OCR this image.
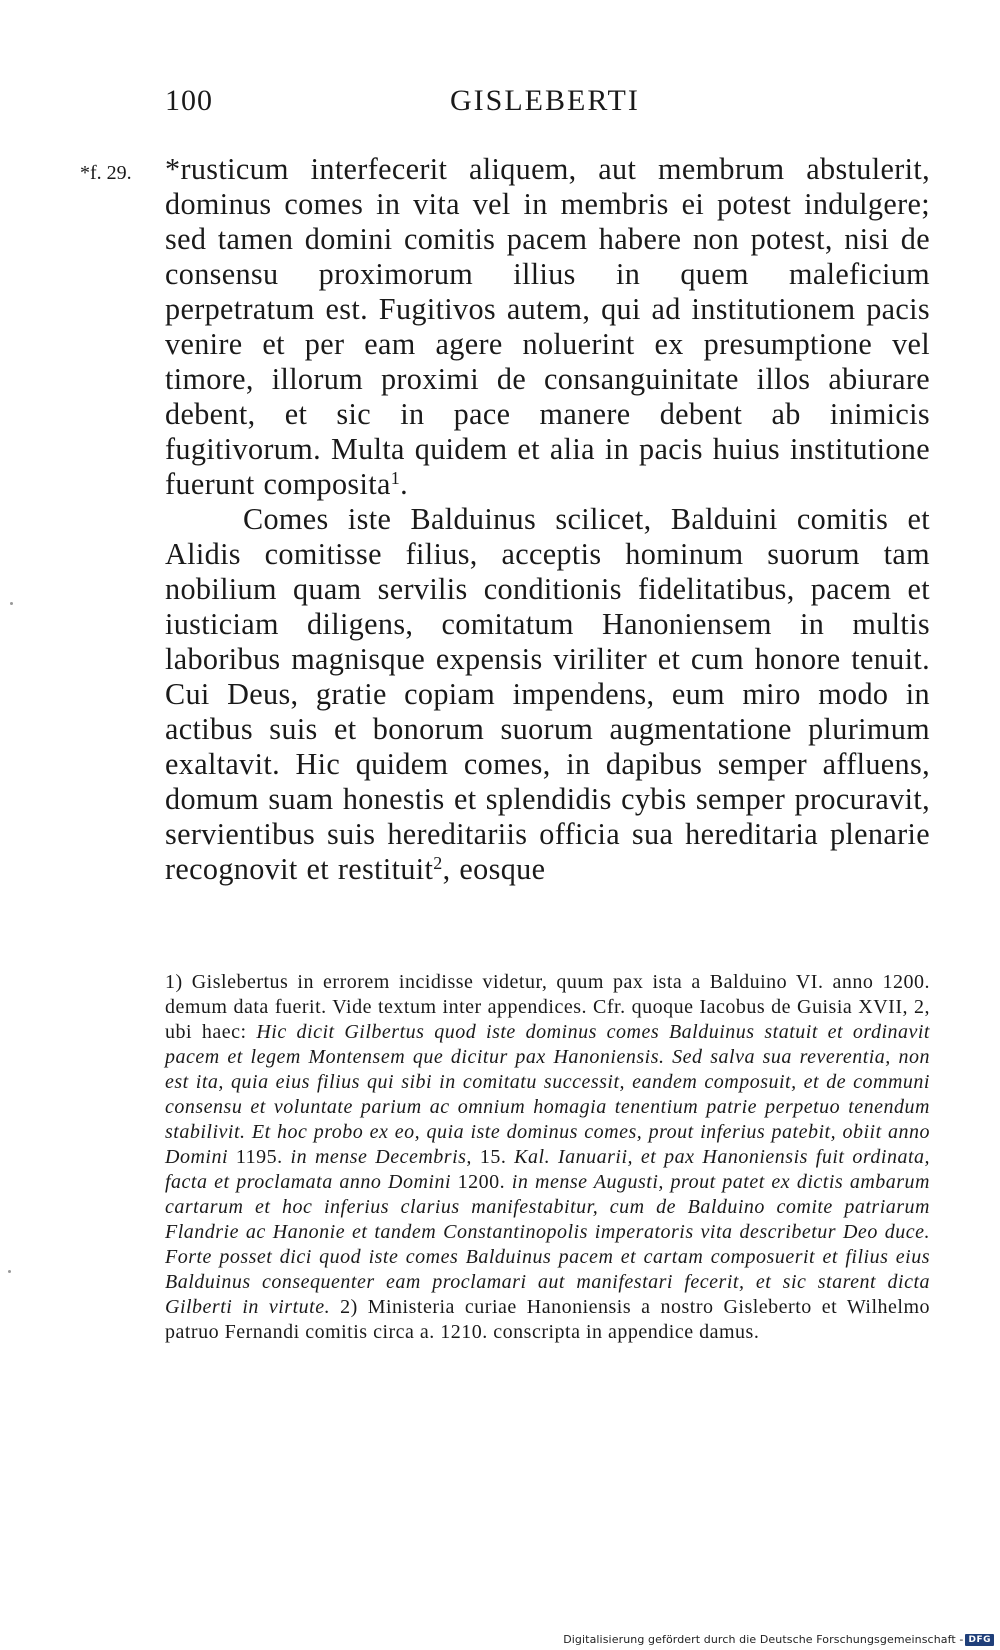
100	GISLEBERTI
*f. 29. *rusticum interfecerit aliquem, aut membrum abstulerit, dominus comes in vita vel in membris ei potest indulgere; sed tamen domini comitis pacem habere non potest, nisi de consensu proximorum illius in quem maleficium perpetratum est. Fugitivos autem, qui ad institutionem pacis venire et per eam agere noluerint ex presumptione vel timore, illorum proximi de consanguinitate illos abiurare debent, et sic in pace manere debent ab inimicis fugitivorum. Multa quidem et alia in pacis huius institutione fuerunt composita$^1$.

Comes iste Balduinus scilicet, Balduini comitis et Alidis comitisse filius, acceptis hominum suorum tam nobilium quam servilis conditionis fidelitatibus, pacem et iusticiam diligens, comitatum Hanoniensem in multis laboribus magnisque expensis viriliter et cum honore tenuit. Cui Deus, gratie copiam impendens, eum miro modo in actibus suis et bonorum suorum augmentatione plurimum exaltavit. Hic quidem comes, in dapibus semper affluens, domum suam honestis et splendidis cybis semper procuravit, servientibus suis hereditariis officia sua hereditaria plenarie recognovit et restituit$^2$, eosque

1) Gislebertus in errorem incidisse videtur, quum pax ista a Balduino VI. anno 1200. demum data fuerit. Vide textum inter appendices. Cfr. quoque Iacobus de Guisia XVII, 2, ubi haec: Hic dicit Gilbertus quod iste dominus comes Balduinus statuit et ordinavit pacem et legem Montensem que dicitur pax Hanoniensis. Sed salva sua reverentia, non est ita, quia eius filius qui sibi in comitatu successit, eandem composuit, et de communi consensu et voluntate parium ac omnium homagia tenentium patrie perpetuo tenendum stabilivit. Et hoc probo ex eo, quia iste dominus comes, prout inferius patebit, obiit anno Domini 1195. in mense Decembris, 15. Kal. Ianuarii, et pax Hanoniensis fuit ordinata, facta et proclamata anno Domini 1200. in mense Augusti, prout patet ex dictis ambarum cartarum et hoc inferius clarius manifestabitur, cum de Balduino comite patriarum Flandrie ac Hanonie et tandem Constantinopolis imperatoris vita describetur Deo duce. Forte posset dici quod iste comes Balduinus pacem et cartam composuerit et filius eius Balduinus consequenter eam proclamari aut manifestari fecerit, et sic starent dicta Gilberti in virtute. 2) Ministeria curiae Hanoniensis a nostro Gisleberto et Wilhelmo patruo Fernandi comitis circa a. 1210. conscripta in appendice damus.

Digitalisierung gefördert durch die Deutsche Forschungsgemeinschaft - DFG
